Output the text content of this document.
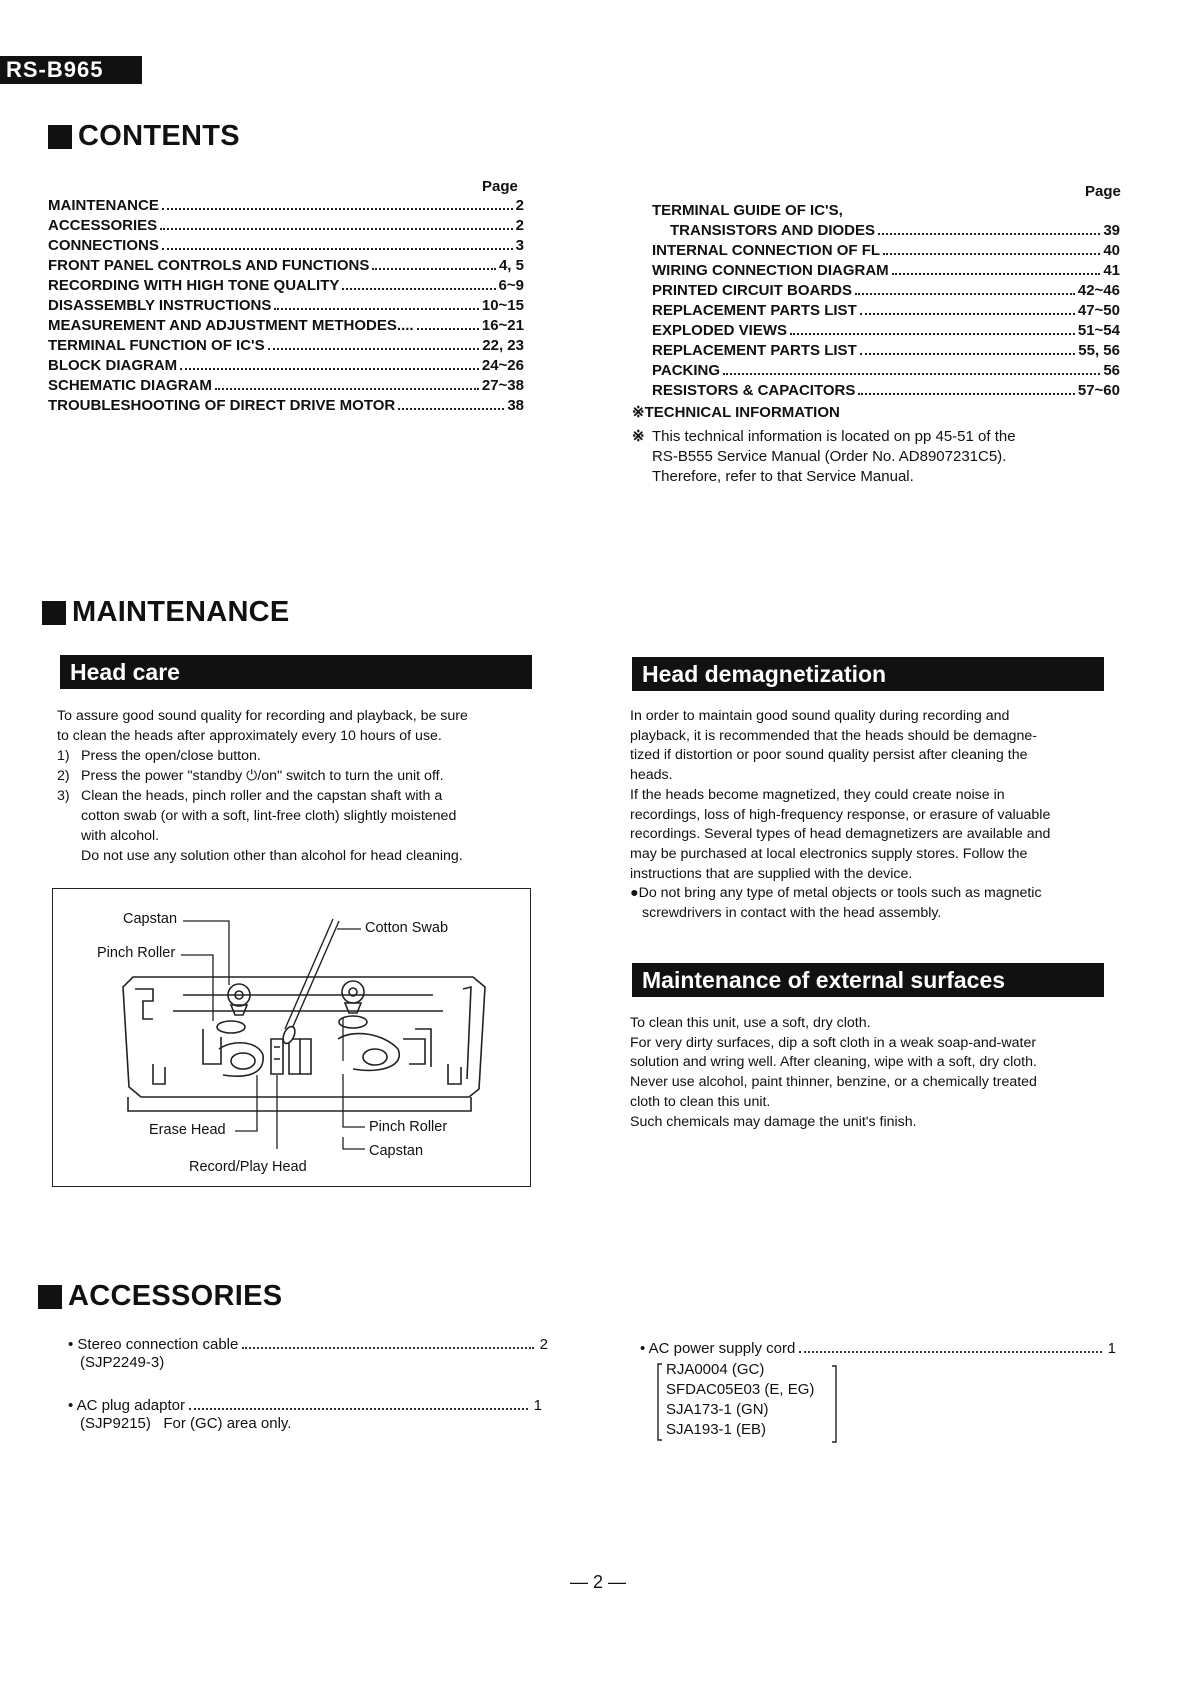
RS-B965
CONTENTS
Page
MAINTENANCE	2
ACCESSORIES	2
CONNECTIONS	3
FRONT PANEL CONTROLS AND FUNCTIONS	4, 5
RECORDING WITH HIGH TONE QUALITY	6~9
DISASSEMBLY INSTRUCTIONS	10~15
MEASUREMENT AND ADJUSTMENT METHODES....	16~21
TERMINAL FUNCTION OF IC'S	22, 23
BLOCK DIAGRAM	24~26
SCHEMATIC DIAGRAM	27~38
TROUBLESHOOTING OF DIRECT DRIVE MOTOR	38
Page
TERMINAL GUIDE OF IC'S,
TRANSISTORS AND DIODES	39
INTERNAL CONNECTION OF FL	40
WIRING CONNECTION DIAGRAM	41
PRINTED CIRCUIT BOARDS	42~46
REPLACEMENT PARTS LIST	47~50
EXPLODED VIEWS	51~54
REPLACEMENT PARTS LIST	55, 56
PACKING	56
RESISTORS & CAPACITORS	57~60
※TECHNICAL INFORMATION
※ This technical information is located on pp 45-51 of the
RS-B555 Service Manual (Order No. AD8907231C5).
Therefore, refer to that Service Manual.
MAINTENANCE
Head care

To assure good sound quality for recording and playback, be sure

to clean the heads after approximately every 10 hours of use.

1) Press the open/close button.
2) Press the power "standby ⏻/on" switch to turn the unit off.
3) Clean the heads, pinch roller and the capstan shaft with a
cotton swab (or with a soft, lint-free cloth) slightly moistened
with alcohol.
Do not use any solution other than alcohol for head cleaning.
Capstan
Pinch Roller
Cotton Swab
Erase Head
Record/Play Head
Pinch Roller
Capstan
Head demagnetization
In order to maintain good sound quality during recording and
playback, it is recommended that the heads should be demagne-
tized if distortion or poor sound quality persist after cleaning the
heads.
If the heads become magnetized, they could create noise in
recordings, loss of high-frequency response, or erasure of valuable
recordings. Several types of head demagnetizers are available and
may be purchased at local electronics supply stores. Follow the
instructions that are supplied with the device.
●Do not bring any type of metal objects or tools such as magnetic
screwdrivers in contact with the head assembly.
Maintenance of external surfaces
To clean this unit, use a soft, dry cloth.
For very dirty surfaces, dip a soft cloth in a weak soap-and-water
solution and wring well. After cleaning, wipe with a soft, dry cloth.
Never use alcohol, paint thinner, benzine, or a chemically treated
cloth to clean this unit.
Such chemicals may damage the unit's finish.
ACCESSORIES
• Stereo connection cable	2
(SJP2249-3)
• AC plug adaptor	1
(SJP9215) For (GC) area only.
• AC power supply cord	1
RJA0004 (GC)
SFDAC05E03 (E, EG)
SJA173-1 (GN)
SJA193-1 (EB)
— 2 —
